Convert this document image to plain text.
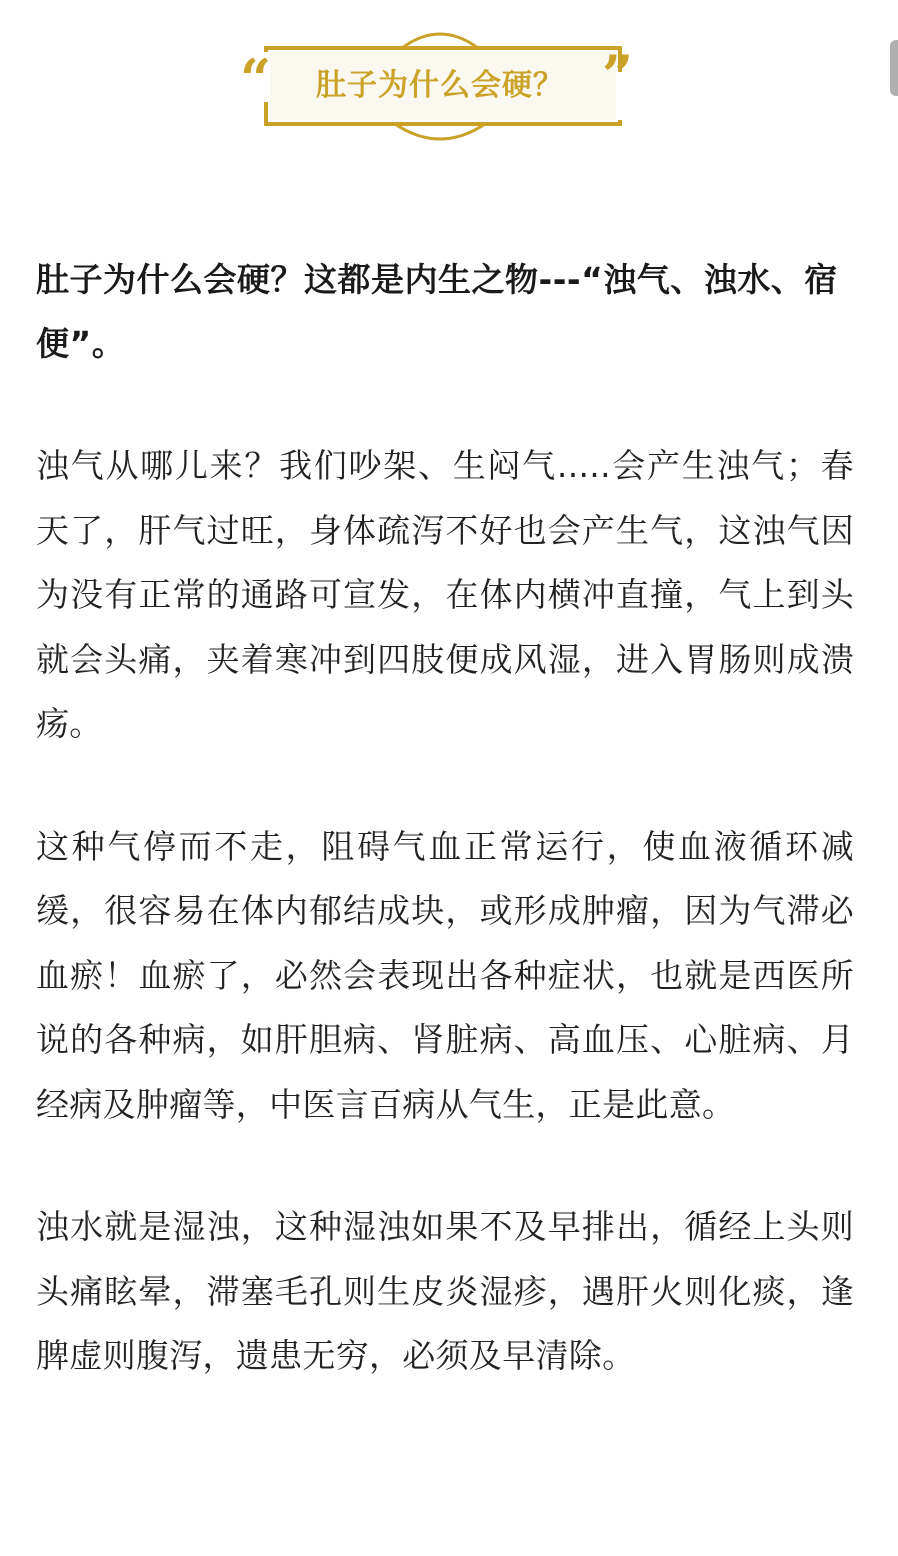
“	肚子为什么会硬？ ”

肚子为什么会硬？这都是内生之物---“浊气、浊水、宿便”。

浊气从哪儿来？我们吵架、生闷气.....会产生浊气；春天了，肝气过旺，身体疏泻不好也会产生气，这浊气因为没有正常的通路可宣发，在体内横冲直撞，气上到头就会头痛，夹着寒冲到四肢便成风湿，进入胃肠则成溃疡。

这种气停而不走，阻碍气血正常运行，使血液循环减缓，很容易在体内郁结成块，或形成肿瘤，因为气滞必血瘀！血瘀了，必然会表现出各种症状，也就是西医所说的各种病，如肝胆病、肾脏病、高血压、心脏病、月经病及肿瘤等，中医言百病从气生，正是此意。

浊水就是湿浊，这种湿浊如果不及早排出，循经上头则头痛眩晕，滞塞毛孔则生皮炎湿疹，遇肝火则化痰，逢脾虚则腹泻，遗患无穷，必须及早清除。
